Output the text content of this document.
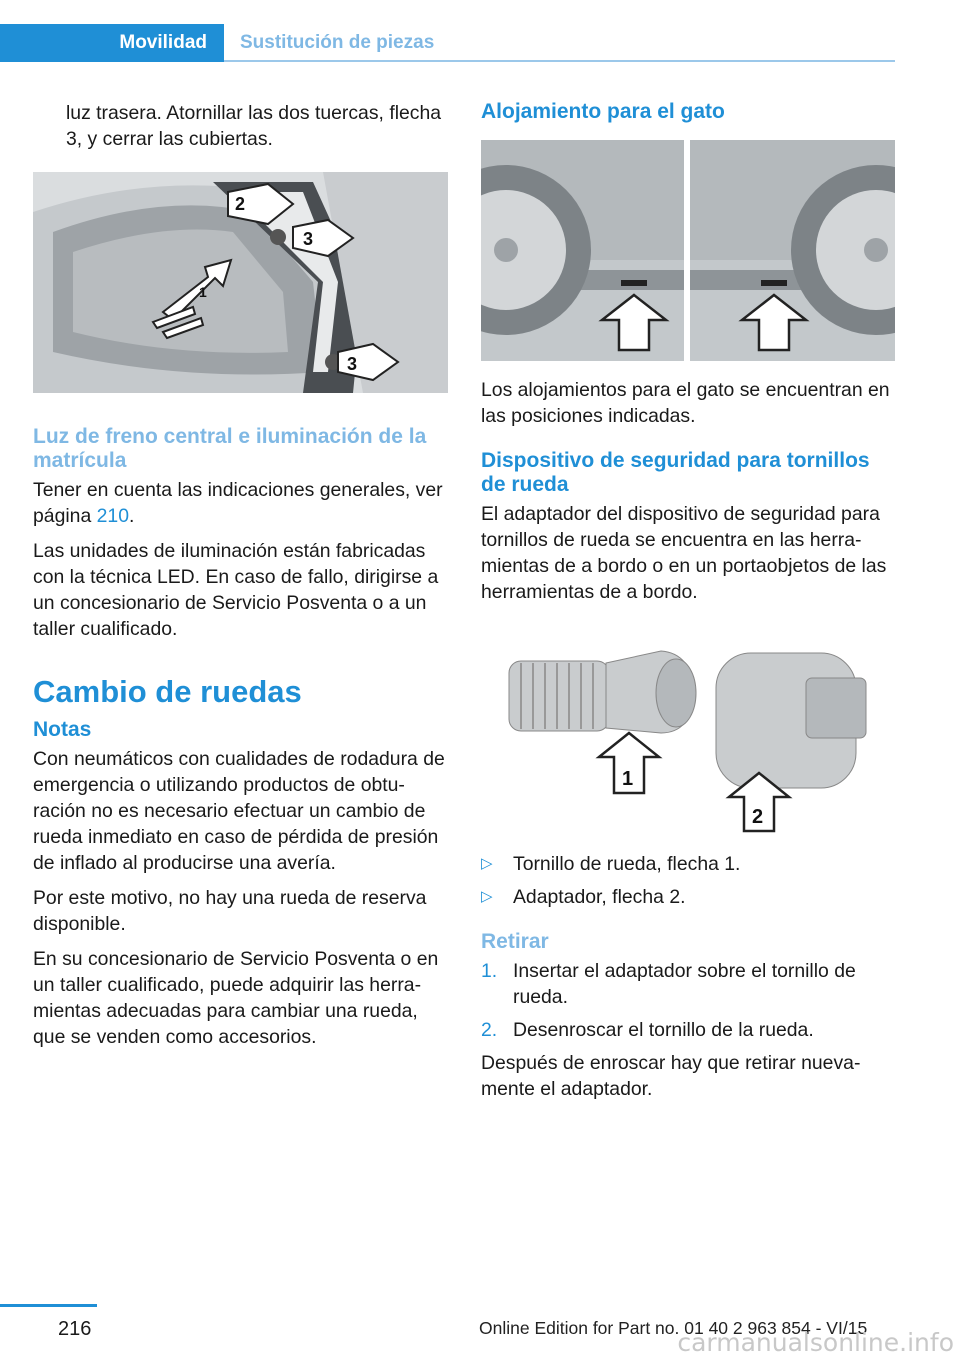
Movilidad	Sustitución de piezas

luz trasera. Atornillar las dos tuercas, flecha 3, y cerrar las cubiertas.

2
3
1
3
Luz de freno central e iluminación de la matrícula

Tener en cuenta las indicaciones generales, ver página 210.

Las unidades de iluminación están fabricadas con la técnica LED. En caso de fallo, dirigirse a un concesionario de Servicio Posventa o a un taller cualificado.

Cambio de ruedas
Notas

Con neumáticos con cualidades de rodadura de emergencia o utilizando productos de obtu-ración no es necesario efectuar un cambio de rueda inmediato en caso de pérdida de presión de inflado al producirse una avería.

Por este motivo, no hay una rueda de reserva disponible.

En su concesionario de Servicio Posventa o en un taller cualificado, puede adquirir las herra-mientas adecuadas para cambiar una rueda, que se venden como accesorios.

Alojamiento para el gato

Los alojamientos para el gato se encuentran en las posiciones indicadas.

Dispositivo de seguridad para tornillos de rueda

El adaptador del dispositivo de seguridad para tornillos de rueda se encuentra en las herra-mientas de a bordo o en un portaobjetos de las herramientas de a bordo.

1
2
▷ Tornillo de rueda, flecha 1.
▷ Adaptador, flecha 2.
Retirar
1. Insertar el adaptador sobre el tornillo de rueda.
2. Desenroscar el tornillo de la rueda.

Después de enroscar hay que retirar nueva-mente el adaptador.

216	Online Edition for Part no. 01 40 2 963 854 - VI/15
carmanualsonline.info
